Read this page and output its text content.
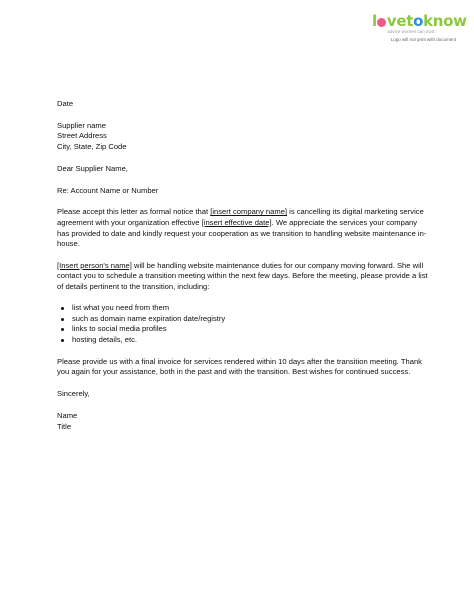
l vetoknow
advice women can trust
Logo will not print with document

Date

Supplier name

Street Address

City, State, Zip Code

Dear Supplier Name,

Re: Account Name or Number

Please accept this letter as formal notice that [insert company name] is cancelling its digital marketing service agreement with your organization effective [insert effective date]. We appreciate the services your company has provided to date and kindly request your cooperation as we transition to handling website maintenance in-house.

[Insert person's name] will be handling website maintenance duties for our company moving forward. She will contact you to schedule a transition meeting within the next few days. Before the meeting, please provide a list of details pertinent to the transition, including:

list what you need from them
such as domain name expiration date/registry
links to social media profiles
hosting details, etc.

Please provide us with a final invoice for services rendered within 10 days after the transition meeting. Thank you again for your assistance, both in the past and with the transition. Best wishes for continued success.

Sincerely,

Name

Title
